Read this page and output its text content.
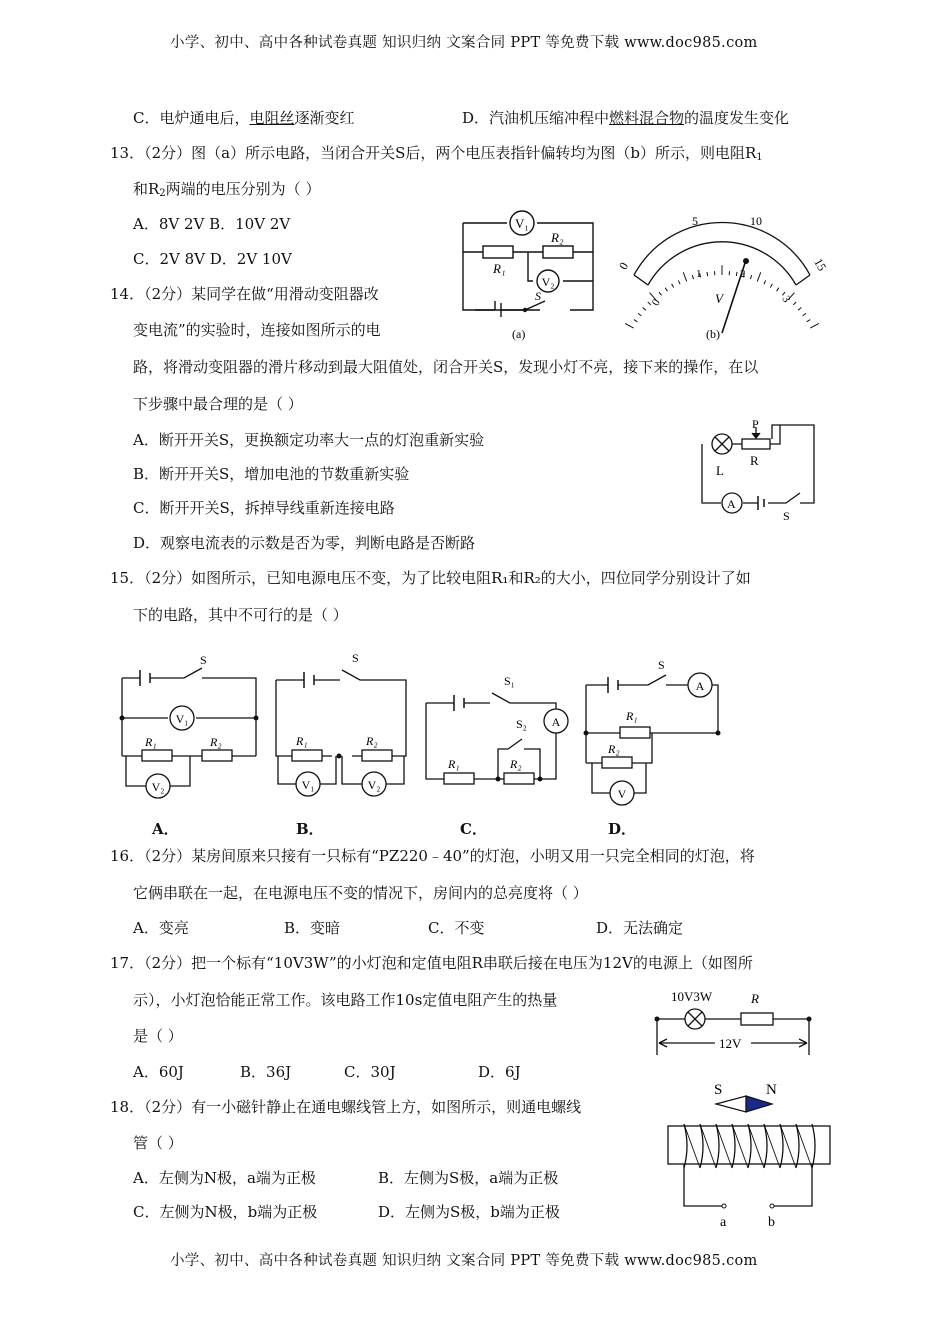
小学、初中、高中各种试卷真题 知识归纳 文案合同 PPT 等免费下载 www.doc985.com
小学、初中、高中各种试卷真题 知识归纳 文案合同 PPT 等免费下载 www.doc985.com
C．电炉通电后，电阻丝逐渐变红	D．汽油机压缩冲程中燃料混合物的温度发生变化
13．（2分）图（a）所示电路，当闭合开关S后，两个电压表指针偏转均为图（b）所示，则电阻$R_1$
和$R_2$两端的电压分别为（ ）
A．8V 2V B．10V 2V
C．2V 8V D．2V 10V
V₁
V₂
R₁
R₂
S
(a)
0
5	10
15
0
1	2
3
V
(b)
14．（2分）某同学在做“用滑动变阻器改
变电流”的实验时，连接如图所示的电
路，将滑动变阻器的滑片移动到最大阻值处，闭合开关S，发现小灯不亮，接下来的操作，在以
下步骤中最合理的是（ ）
A．断开开关S，更换额定功率大一点的灯泡重新实验
B．断开开关S，增加电池的节数重新实验
C．断开开关S，拆掉导线重新连接电路
D．观察电流表的示数是否为零，判断电路是否断路
P
R
L
A
S
15．（2分）如图所示，已知电源电压不变，为了比较电阻R₁和R₂的大小，四位同学分别设计了如
下的电路，其中不可行的是（ ）
S
V₁
R₁	R₂
V₂
A．
S
R₁	R₂
V₁	V₂
B．
S₁
S₂ A
R₁	R₂
C．
S
A
R₁
R₂
V
D．
16．（2分）某房间原来只接有一只标有“PZ220﹣40”的灯泡，小明又用一只完全相同的灯泡，将
它俩串联在一起，在电源电压不变的情况下，房间内的总亮度将（ ）
A．变亮	B．变暗	C．不变	D．无法确定
17．（2分）把一个标有“10V3W”的小灯泡和定值电阻R串联后接在电压为12V的电源上（如图所
示），小灯泡恰能正常工作。该电路工作10s定值电阻产生的热量
是（ ）
A．60J	B．36J	C．30J	D．6J
10V3W	R
12V
18．（2分）有一小磁针静止在通电螺线管上方，如图所示，则通电螺线
管（ ）
A．左侧为N极，a端为正极	B．左侧为S极，a端为正极
C．左侧为N极，b端为正极	D．左侧为S极，b端为正极
S	N
a	b
